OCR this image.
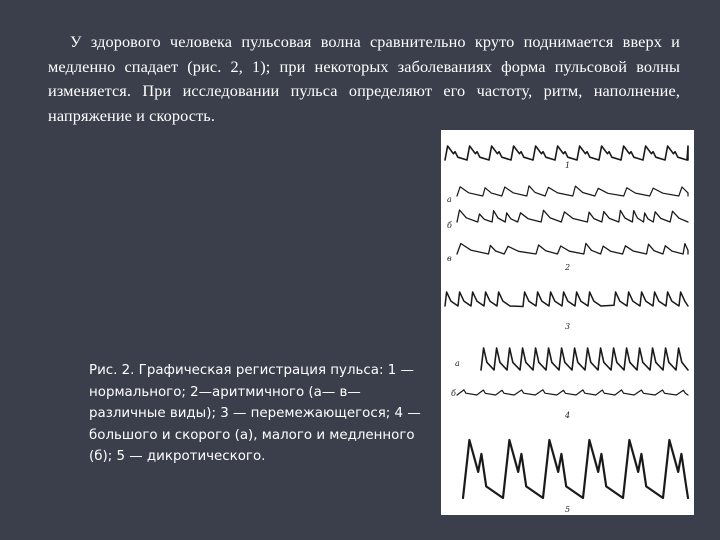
У здорового человека пульсовая волна сравнительно круто поднимается вверх и медленно спадает (рис. 2, 1); при некоторых заболеваниях форма пульсовой волны изменяется. При исследовании пульса определяют его частоту, ритм, наполнение, напряжение и скорость.

Рис. 2. Графическая регистрация пульса: 1 — нормального; 2—аритмичного (а— в— различные виды); 3 — перемежающегося; 4 — большого и скорого (а), малого и медленного (б); 5 — дикротического.

1
а
б
в
2
3
а
б
4
5
